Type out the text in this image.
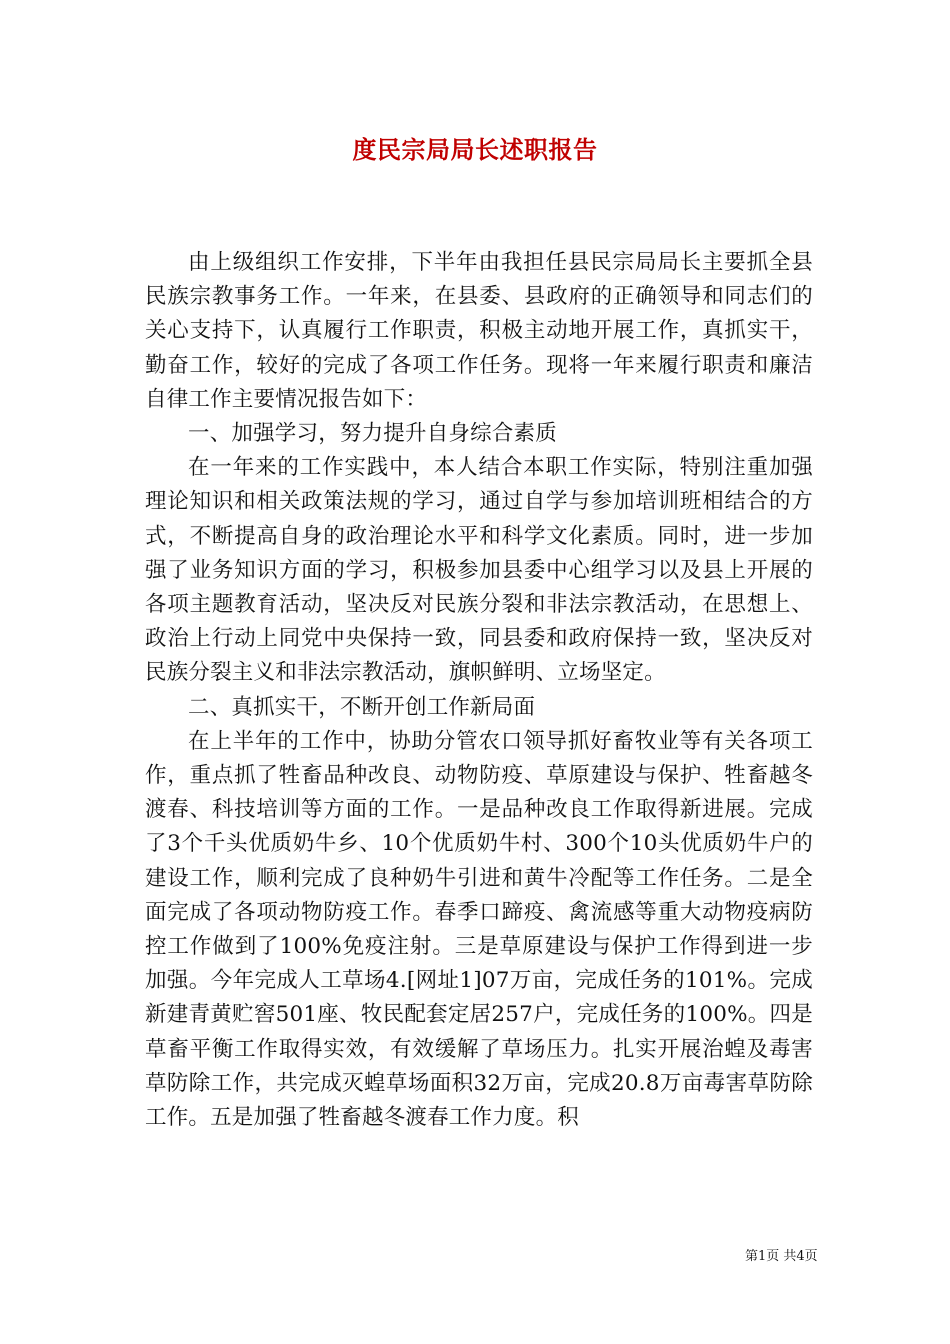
度民宗局局长述职报告

由上级组织工作安排，下半年由我担任县民宗局局长主要抓全县民族宗教事务工作。一年来，在县委、县政府的正确领导和同志们的关心支持下，认真履行工作职责，积极主动地开展工作，真抓实干，勤奋工作，较好的完成了各项工作任务。现将一年来履行职责和廉洁自律工作主要情况报告如下：

一、加强学习，努力提升自身综合素质

在一年来的工作实践中，本人结合本职工作实际，特别注重加强理论知识和相关政策法规的学习，通过自学与参加培训班相结合的方式，不断提高自身的政治理论水平和科学文化素质。同时，进一步加强了业务知识方面的学习，积极参加县委中心组学习以及县上开展的各项主题教育活动，坚决反对民族分裂和非法宗教活动，在思想上、政治上行动上同党中央保持一致，同县委和政府保持一致，坚决反对民族分裂主义和非法宗教活动，旗帜鲜明、立场坚定。

二、真抓实干，不断开创工作新局面

在上半年的工作中，协助分管农口领导抓好畜牧业等有关各项工作，重点抓了牲畜品种改良、动物防疫、草原建设与保护、牲畜越冬渡春、科技培训等方面的工作。一是品种改良工作取得新进展。完成了3个千头优质奶牛乡、10个优质奶牛村、300个10头优质奶牛户的建设工作，顺利完成了良种奶牛引进和黄牛冷配等工作任务。二是全面完成了各项动物防疫工作。春季口蹄疫、禽流感等重大动物疫病防控工作做到了100%免疫注射。三是草原建设与保护工作得到进一步加强。今年完成人工草场4.[网址1]07万亩，完成任务的101%。完成新建青黄贮窖501座、牧民配套定居257户，完成任务的100%。四是草畜平衡工作取得实效，有效缓解了草场压力。扎实开展治蝗及毒害草防除工作，共完成灭蝗草场面积32万亩，完成20.8万亩毒害草防除工作。五是加强了牲畜越冬渡春工作力度。积

第1页 共4页
